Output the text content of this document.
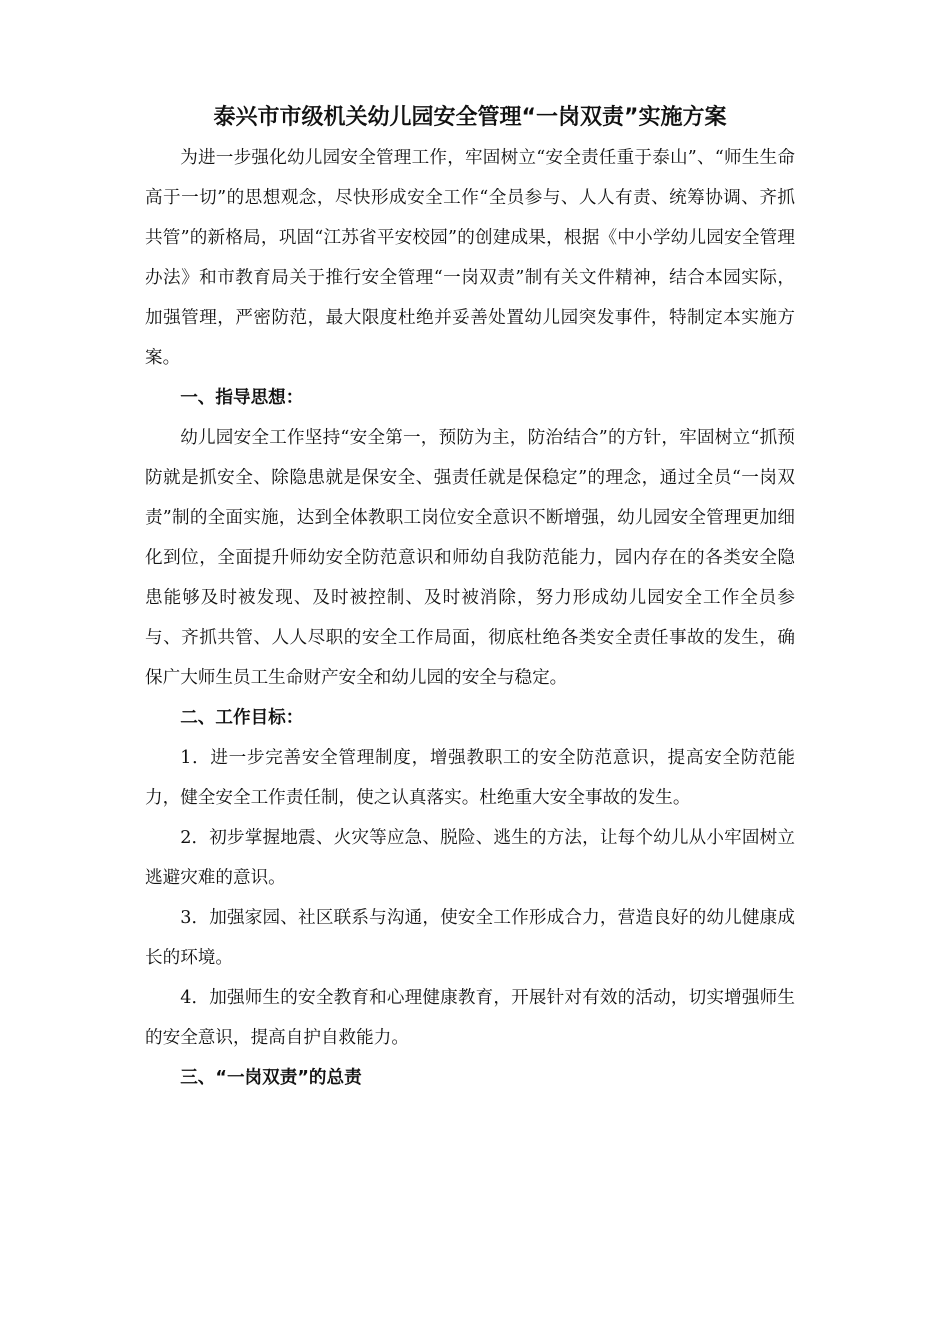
泰兴市市级机关幼儿园安全管理“一岗双责”实施方案

为进一步强化幼儿园安全管理工作，牢固树立“安全责任重于泰山”、“师生生命高于一切”的思想观念，尽快形成安全工作“全员参与、人人有责、统筹协调、齐抓共管”的新格局，巩固“江苏省平安校园”的创建成果，根据《中小学幼儿园安全管理办法》和市教育局关于推行安全管理“一岗双责”制有关文件精神，结合本园实际，加强管理，严密防范，最大限度杜绝并妥善处置幼儿园突发事件，特制定本实施方案。

一、指导思想：

幼儿园安全工作坚持“安全第一，预防为主，防治结合”的方针，牢固树立“抓预防就是抓安全、除隐患就是保安全、强责任就是保稳定”的理念，通过全员“一岗双责”制的全面实施，达到全体教职工岗位安全意识不断增强，幼儿园安全管理更加细化到位，全面提升师幼安全防范意识和师幼自我防范能力，园内存在的各类安全隐患能够及时被发现、及时被控制、及时被消除，努力形成幼儿园安全工作全员参与、齐抓共管、人人尽职的安全工作局面，彻底杜绝各类安全责任事故的发生，确保广大师生员工生命财产安全和幼儿园的安全与稳定。

二、工作目标：

1．进一步完善安全管理制度，增强教职工的安全防范意识，提高安全防范能力，健全安全工作责任制，使之认真落实。杜绝重大安全事故的发生。

2．初步掌握地震、火灾等应急、脱险、逃生的方法，让每个幼儿从小牢固树立逃避灾难的意识。

3．加强家园、社区联系与沟通，使安全工作形成合力，营造良好的幼儿健康成长的环境。

4．加强师生的安全教育和心理健康教育，开展针对有效的活动，切实增强师生的安全意识，提高自护自救能力。

三、“一岗双责”的总责
